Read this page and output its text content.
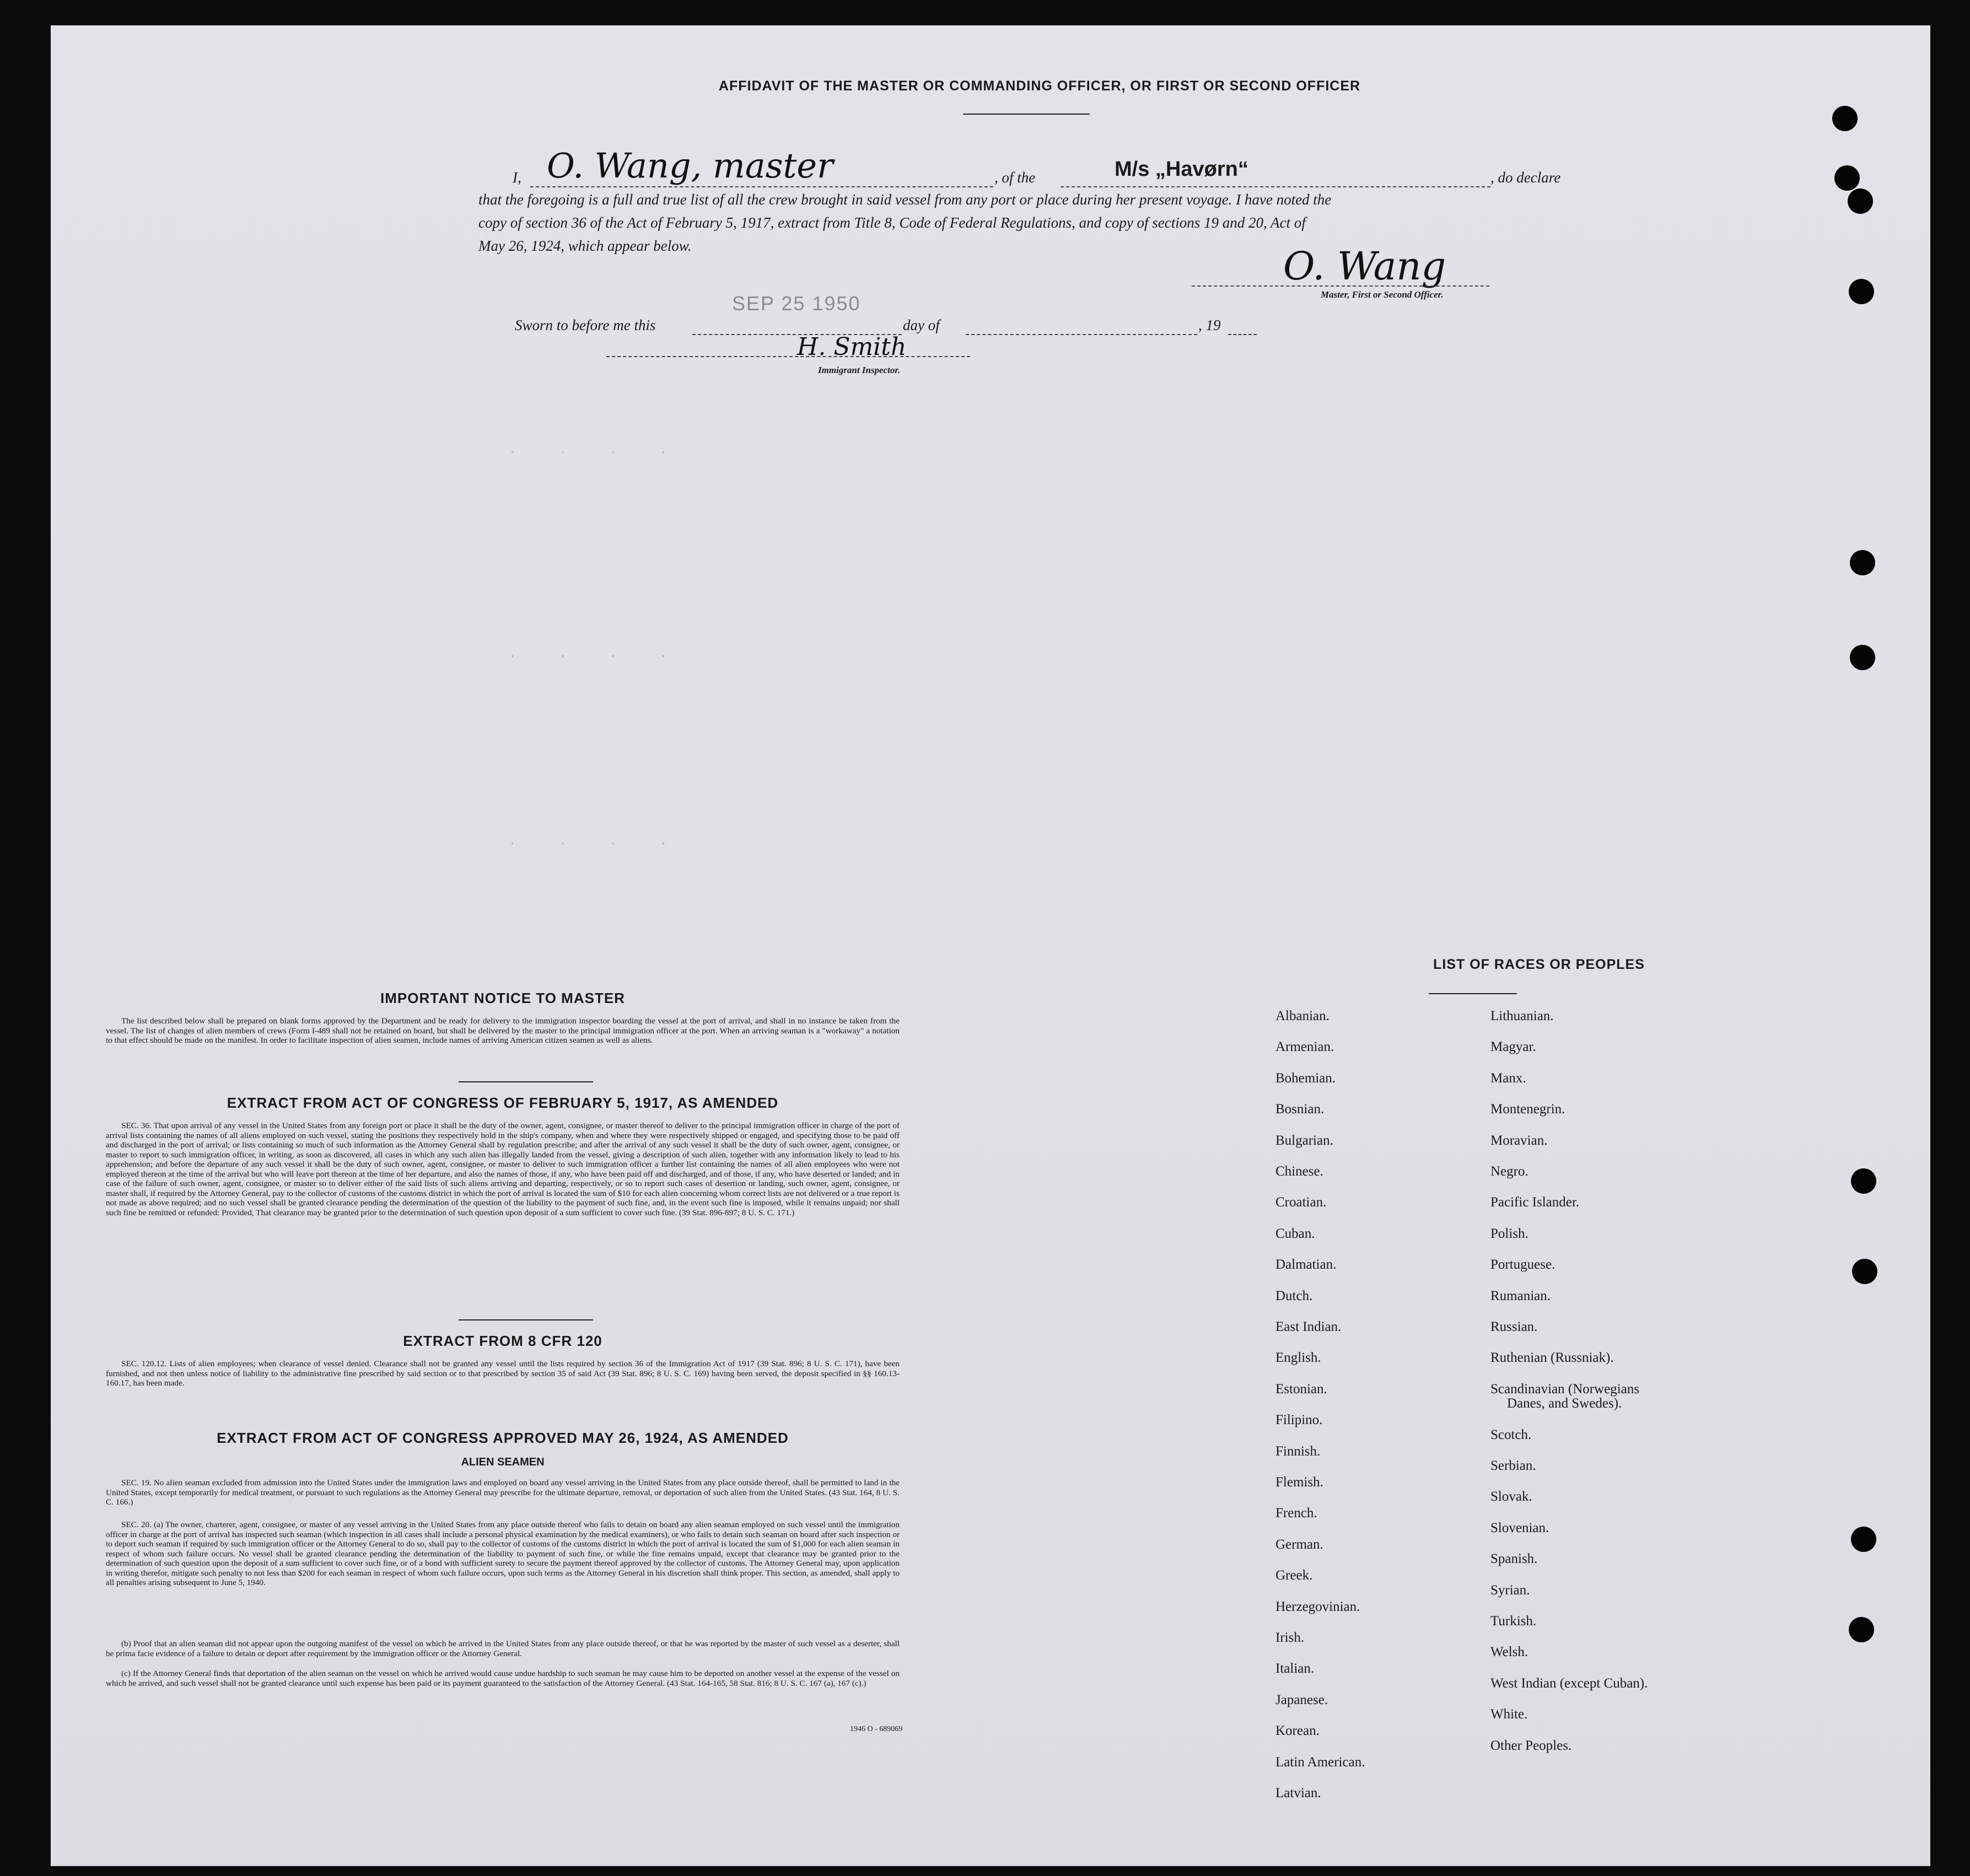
AFFIDAVIT OF THE MASTER OR COMMANDING OFFICER, OR FIRST OR SECOND OFFICER
I, O. Wang, master	, of the	M/s „Havørn“	, do declare
that the foregoing is a full and true list of all the crew brought in said vessel from any port or place during her present voyage. I have noted the
copy of section 36 of the Act of February 5, 1917, extract from Title 8, Code of Federal Regulations, and copy of sections 19 and 20, Act of
May 26, 1924, which appear below.	O. Wang
Master, First or Second Officer.
Sworn to before me this
SEP 25 1950
day of	, 19
H. Smith
Immigrant Inspector.
· · · ·
· · · ·
· · · ·
IMPORTANT NOTICE TO MASTER
The list described below shall be prepared on blank forms approved by the Department and be ready for delivery to the immigration inspector boarding the vessel at the port of arrival, and shall in no instance be taken from the vessel. The list of changes of alien members of crews (Form I-489 shall not be retained on board, but shall be delivered by the master to the principal immigration officer at the port. When an arriving seaman is a "workaway" a notation to that effect should be made on the manifest. In order to facilitate inspection of alien seamen, include names of arriving American citizen seamen as well as aliens.
EXTRACT FROM ACT OF CONGRESS OF FEBRUARY 5, 1917, AS AMENDED
SEC. 36. That upon arrival of any vessel in the United States from any foreign port or place it shall be the duty of the owner, agent, consignee, or master thereof to deliver to the principal immigration officer in charge of the port of arrival lists containing the names of all aliens employed on such vessel, stating the positions they respectively hold in the ship's company, when and where they were respectively shipped or engaged, and specifying those to be paid off and discharged in the port of arrival; or lists containing so much of such information as the Attorney General shall by regulation prescribe; and after the arrival of any such vessel it shall be the duty of such owner, agent, consignee, or master to report to such immigration officer, in writing, as soon as discovered, all cases in which any such alien has illegally landed from the vessel, giving a description of such alien, together with any information likely to lead to his apprehension; and before the departure of any such vessel it shall be the duty of such owner, agent, consignee, or master to deliver to such immigration officer a further list containing the names of all alien employees who were not employed thereon at the time of the arrival but who will leave port thereon at the time of her departure, and also the names of those, if any, who have been paid off and discharged, and of those, if any, who have deserted or landed; and in case of the failure of such owner, agent, consignee, or master so to deliver either of the said lists of such aliens arriving and departing, respectively, or so to report such cases of desertion or landing, such owner, agent, consignee, or master shall, if required by the Attorney General, pay to the collector of customs of the customs district in which the port of arrival is located the sum of $10 for each alien concerning whom correct lists are not delivered or a true report is not made as above required; and no such vessel shall be granted clearance pending the determination of the question of the liability to the payment of such fine, and, in the event such fine is imposed, while it remains unpaid; nor shall such fine be remitted or refunded: Provided, That clearance may be granted prior to the determination of such question upon deposit of a sum sufficient to cover such fine. (39 Stat. 896-897; 8 U. S. C. 171.)
EXTRACT FROM 8 CFR 120
SEC. 120.12. Lists of alien employees; when clearance of vessel denied. Clearance shall not be granted any vessel until the lists required by section 36 of the Immigration Act of 1917 (39 Stat. 896; 8 U. S. C. 171), have been furnished, and not then unless notice of liability to the administrative fine prescribed by said section or to that prescribed by section 35 of said Act (39 Stat. 896; 8 U. S. C. 169) having been served, the deposit specified in §§ 160.13-160.17, has been made.
EXTRACT FROM ACT OF CONGRESS APPROVED MAY 26, 1924, AS AMENDED
ALIEN SEAMEN
SEC. 19. No alien seaman excluded from admission into the United States under the immigration laws and employed on board any vessel arriving in the United States from any place outside thereof, shall be permitted to land in the United States, except temporarily for medical treatment, or pursuant to such regulations as the Attorney General may prescribe for the ultimate departure, removal, or deportation of such alien from the United States. (43 Stat. 164, 8 U. S. C. 166.)
SEC. 20. (a) The owner, charterer, agent, consignee, or master of any vessel arriving in the United States from any place outside thereof who fails to detain on board any alien seaman employed on such vessel until the immigration officer in charge at the port of arrival has inspected such seaman (which inspection in all cases shall include a personal physical examination by the medical examiners), or who fails to detain such seaman on board after such inspection or to deport such seaman if required by such immigration officer or the Attorney General to do so, shall pay to the collector of customs of the customs district in which the port of arrival is located the sum of $1,000 for each alien seaman in respect of whom such failure occurs. No vessel shall be granted clearance pending the determination of the liability to payment of such fine, or while the fine remains unpaid, except that clearance may be granted prior to the determination of such question upon the deposit of a sum sufficient to cover such fine, or of a bond with sufficient surety to secure the payment thereof approved by the collector of customs. The Attorney General may, upon application in writing therefor, mitigate such penalty to not less than $200 for each seaman in respect of whom such failure occurs, upon such terms as the Attorney General in his discretion shall think proper. This section, as amended, shall apply to all penalties arising subsequent to June 5, 1940.
(b) Proof that an alien seaman did not appear upon the outgoing manifest of the vessel on which he arrived in the United States from any place outside thereof, or that he was reported by the master of such vessel as a deserter, shall be prima facie evidence of a failure to detain or deport after requirement by the immigration officer or the Attorney General.
(c) If the Attorney General finds that deportation of the alien seaman on the vessel on which he arrived would cause undue hardship to such seaman he may cause him to be deported on another vessel at the expense of the vessel on which he arrived, and such vessel shall not be granted clearance until such expense has been paid or its payment guaranteed to the satisfaction of the Attorney General. (43 Stat. 164-165, 58 Stat. 816; 8 U. S. C. 167 (a), 167 (c).)
1946 O - 689069
LIST OF RACES OR PEOPLES
Albanian.
Armenian.
Bohemian.
Bosnian.
Bulgarian.
Chinese.
Croatian.
Cuban.
Dalmatian.
Dutch.
East Indian.
English.
Estonian.
Filipino.
Finnish.
Flemish.
French.
German.
Greek.
Herzegovinian.
Irish.
Italian.
Japanese.
Korean.
Latin American.
Latvian.
Lithuanian.
Magyar.
Manx.
Montenegrin.
Moravian.
Negro.
Pacific Islander.
Polish.
Portuguese.
Rumanian.
Russian.
Ruthenian (Russniak).
Scandinavian (Norwegians
Danes, and Swedes).
Scotch.
Serbian.
Slovak.
Slovenian.
Spanish.
Syrian.
Turkish.
Welsh.
West Indian (except Cuban).
White.
Other Peoples.
